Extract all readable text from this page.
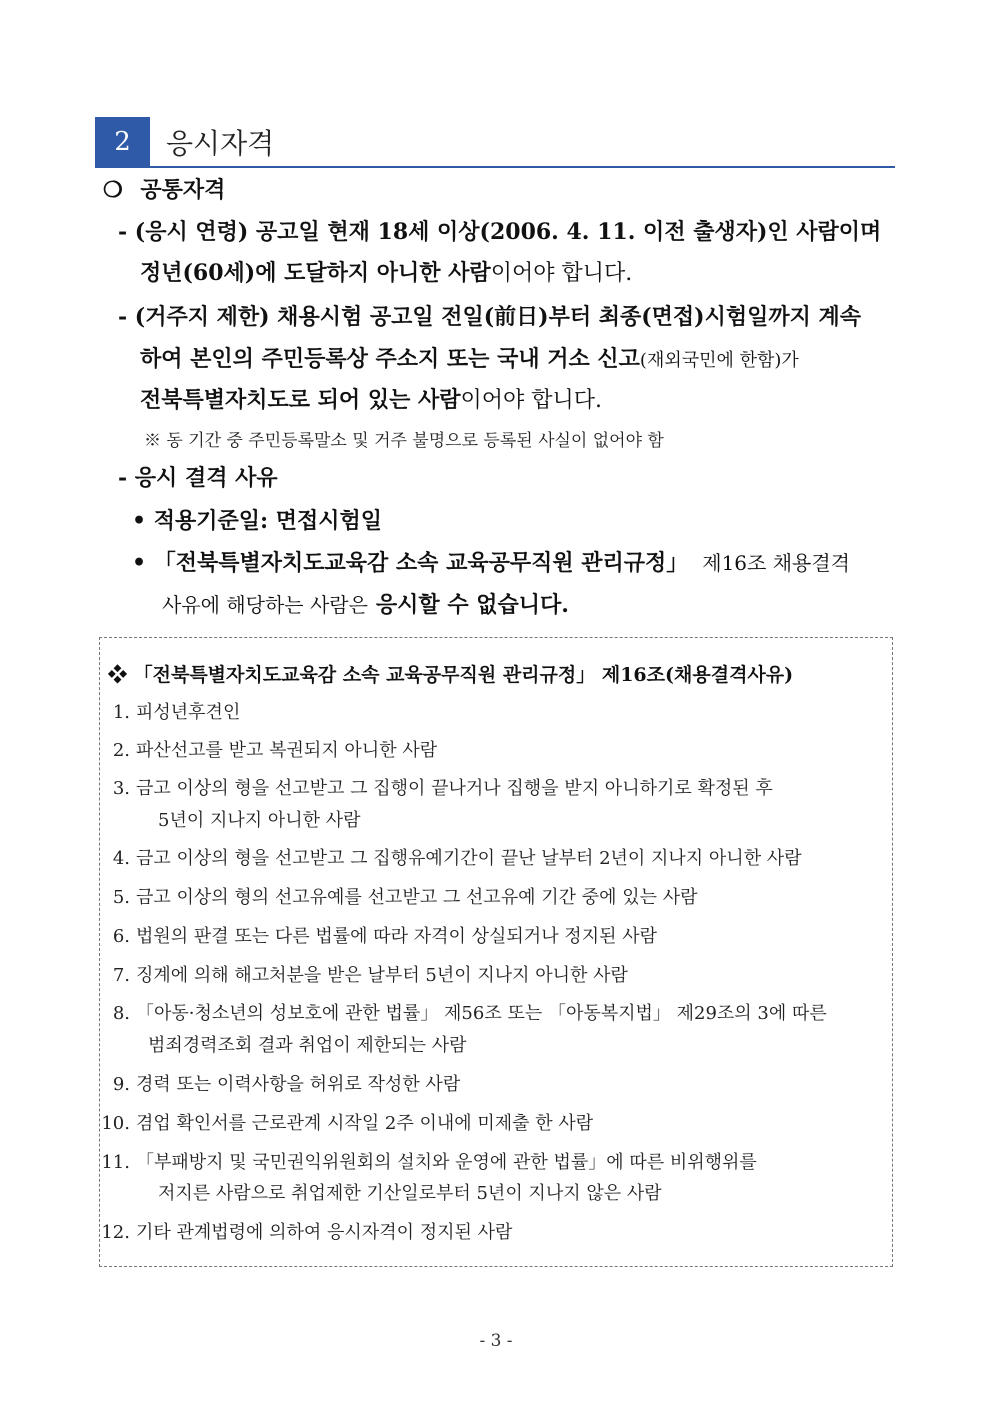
2	응시자격
❍ 공통자격
- (응시 연령) 공고일 현재 18세 이상(2006. 4. 11. 이전 출생자)인 사람이며
정년(60세)에 도달하지 아니한 사람이어야 합니다.
- (거주지 제한) 채용시험 공고일 전일(前日)부터 최종(면접)시험일까지 계속
하여 본인의 주민등록상 주소지 또는 국내 거소 신고(재외국민에 한함)가
전북특별자치도로 되어 있는 사람이어야 합니다.
※ 동 기간 중 주민등록말소 및 거주 불명으로 등록된 사실이 없어야 함
- 응시 결격 사유
• 적용기준일: 면접시험일
• 「전북특별자치도교육감 소속 교육공무직원 관리규정」 제16조 채용결격
사유에 해당하는 사람은 응시할 수 없습니다.
❖ 「전북특별자치도교육감 소속 교육공무직원 관리규정」 제16조(채용결격사유)
1. 피성년후견인
2. 파산선고를 받고 복권되지 아니한 사람
3. 금고 이상의 형을 선고받고 그 집행이 끝나거나 집행을 받지 아니하기로 확정된 후
5년이 지나지 아니한 사람
4. 금고 이상의 형을 선고받고 그 집행유예기간이 끝난 날부터 2년이 지나지 아니한 사람
5. 금고 이상의 형의 선고유예를 선고받고 그 선고유예 기간 중에 있는 사람
6. 법원의 판결 또는 다른 법률에 따라 자격이 상실되거나 정지된 사람
7. 징계에 의해 해고처분을 받은 날부터 5년이 지나지 아니한 사람
8. 「아동·청소년의 성보호에 관한 법률」 제56조 또는 「아동복지법」 제29조의 3에 따른
범죄경력조회 결과 취업이 제한되는 사람
9. 경력 또는 이력사항을 허위로 작성한 사람
10. 겸업 확인서를 근로관계 시작일 2주 이내에 미제출 한 사람
11. 「부패방지 및 국민권익위원회의 설치와 운영에 관한 법률」에 따른 비위행위를
저지른 사람으로 취업제한 기산일로부터 5년이 지나지 않은 사람
12. 기타 관계법령에 의하여 응시자격이 정지된 사람
- 3 -
